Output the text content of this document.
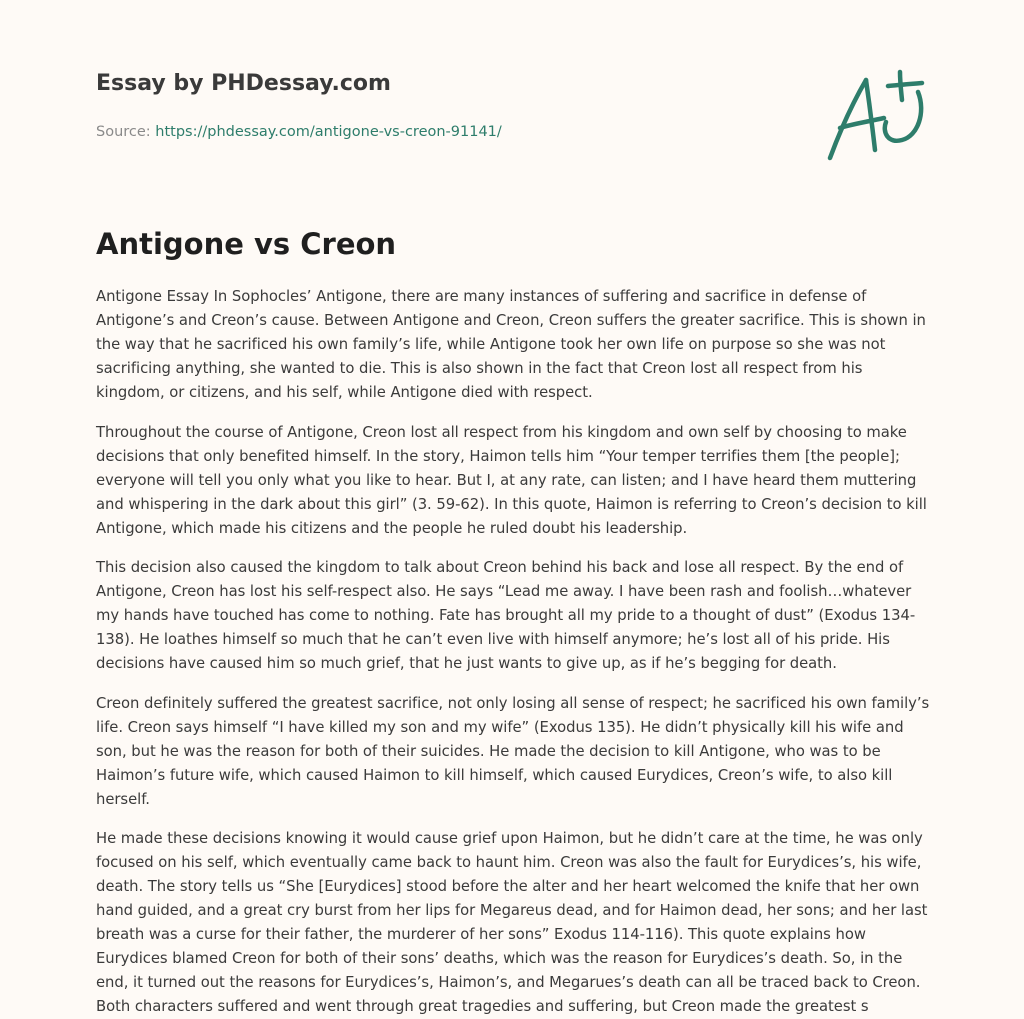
Essay by PHDessay.com
Source: https://phdessay.com/antigone-vs-creon-91141/
Antigone vs Creon

Antigone Essay In Sophocles’ Antigone, there are many instances of suffering and sacrifice in defense of Antigone’s and Creon’s cause. Between Antigone and Creon, Creon suffers the greater sacrifice. This is shown in the way that he sacrificed his own family’s life, while Antigone took her own life on purpose so she was not sacrificing anything, she wanted to die. This is also shown in the fact that Creon lost all respect from his kingdom, or citizens, and his self, while Antigone died with respect.

Throughout the course of Antigone, Creon lost all respect from his kingdom and own self by choosing to make decisions that only benefited himself. In the story, Haimon tells him “Your temper terrifies them [the people]; everyone will tell you only what you like to hear. But I, at any rate, can listen; and I have heard them muttering and whispering in the dark about this girl” (3. 59-62). In this quote, Haimon is referring to Creon’s decision to kill Antigone, which made his citizens and the people he ruled doubt his leadership.

This decision also caused the kingdom to talk about Creon behind his back and lose all respect. By the end of Antigone, Creon has lost his self-respect also. He says “Lead me away. I have been rash and foolish…whatever my hands have touched has come to nothing. Fate has brought all my pride to a thought of dust” (Exodus 134-138). He loathes himself so much that he can’t even live with himself anymore; he’s lost all of his pride. His decisions have caused him so much grief, that he just wants to give up, as if he’s begging for death.

Creon definitely suffered the greatest sacrifice, not only losing all sense of respect; he sacrificed his own family’s life. Creon says himself “I have killed my son and my wife” (Exodus 135). He didn’t physically kill his wife and son, but he was the reason for both of their suicides. He made the decision to kill Antigone, who was to be Haimon’s future wife, which caused Haimon to kill himself, which caused Eurydices, Creon’s wife, to also kill herself.

He made these decisions knowing it would cause grief upon Haimon, but he didn’t care at the time, he was only focused on his self, which eventually came back to haunt him. Creon was also the fault for Eurydices’s, his wife, death. The story tells us “She [Eurydices] stood before the alter and her heart welcomed the knife that her own hand guided, and a great cry burst from her lips for Megareus dead, and for Haimon dead, her sons; and her last breath was a curse for their father, the murderer of her sons” Exodus 114-116). This quote explains how Eurydices blamed Creon for both of their sons’ deaths, which was the reason for Eurydices’s death. So, in the end, it turned out the reasons for Eurydices’s, Haimon’s, and Megarues’s death can all be traced back to Creon. Both characters suffered and went through great tragedies and suffering, but Creon made the greatest s
